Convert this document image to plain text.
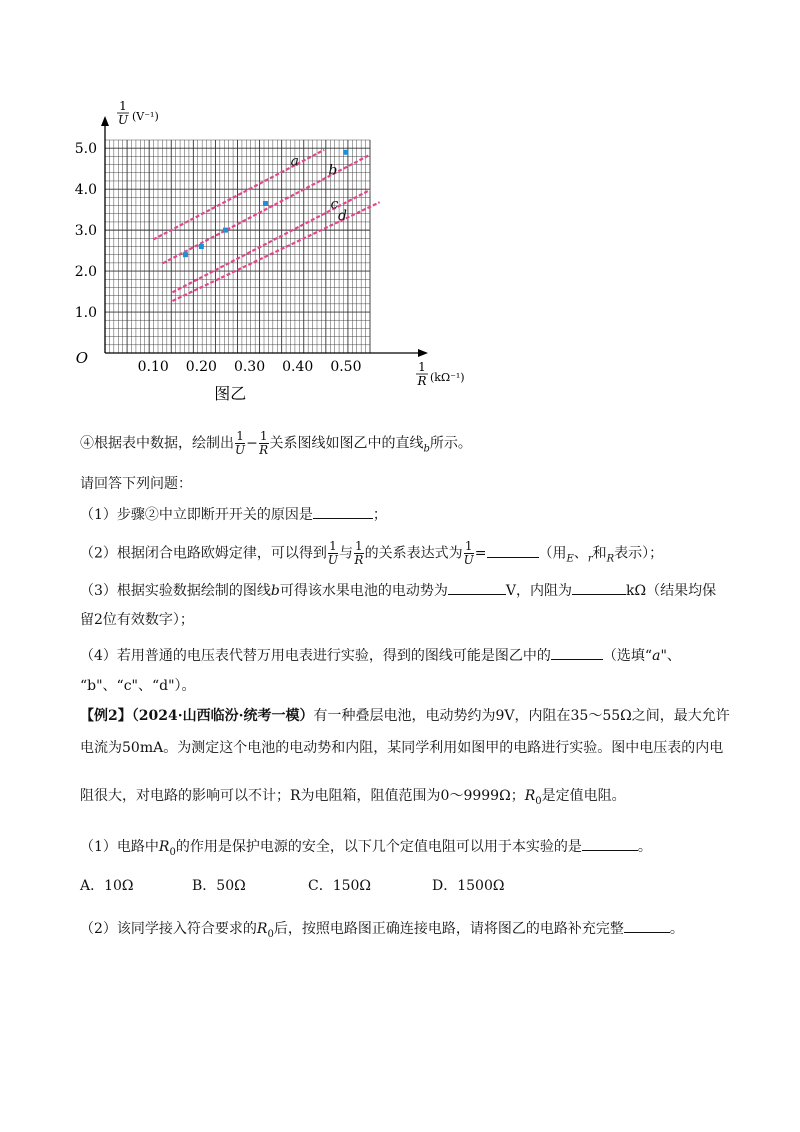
0.10 0.20 0.30 0.40 0.50
1.0
2.0
3.0
4.0
5.0
O
1
U (V⁻¹)
1
R (kΩ⁻¹)
图乙
a
b
c
d
④根据表中数据，绘制出 $\frac{1}{U} - \frac{1}{R}$ 关系图线如图乙中的直线$_b$所示。
请回答下列问题：
（1）步骤②中立即断开开关的原因是	；
（2）根据闭合电路欧姆定律，可以得到 $\frac{1}{U}$ 与 $\frac{1}{R}$ 的关系表达式为 $\frac{1}{U}$ =	（用$_E$、$_r$和$_R$表示）；
（3）根据实验数据绘制的图线b可得该水果电池的电动势为	V，内阻为	kΩ（结果均保
留2位有效数字）；
（4）若用普通的电压表代替万用电表进行实验，得到的图线可能是图乙中的	（选填“a"、
“b"、“c"、“d"）。
【例2】（2024·山西临汾·统考一模）有一种叠层电池，电动势约为9V，内阻在35～55Ω之间，最大允许
电流为50mA。为测定这个电池的电动势和内阻，某同学利用如图甲的电路进行实验。图中电压表的内电
阻很大，对电路的影响可以不计；R为电阻箱，阻值范围为0～9999Ω；$R_0$是定值电阻。
（1）电路中$R_0$的作用是保护电源的安全，以下几个定值电阻可以用于本实验的是	。
A．10Ω	B．50Ω	C．150Ω	D．1500Ω
（2）该同学接入符合要求的$R_0$后，按照电路图正确连接电路，请将图乙的电路补充完整	。
